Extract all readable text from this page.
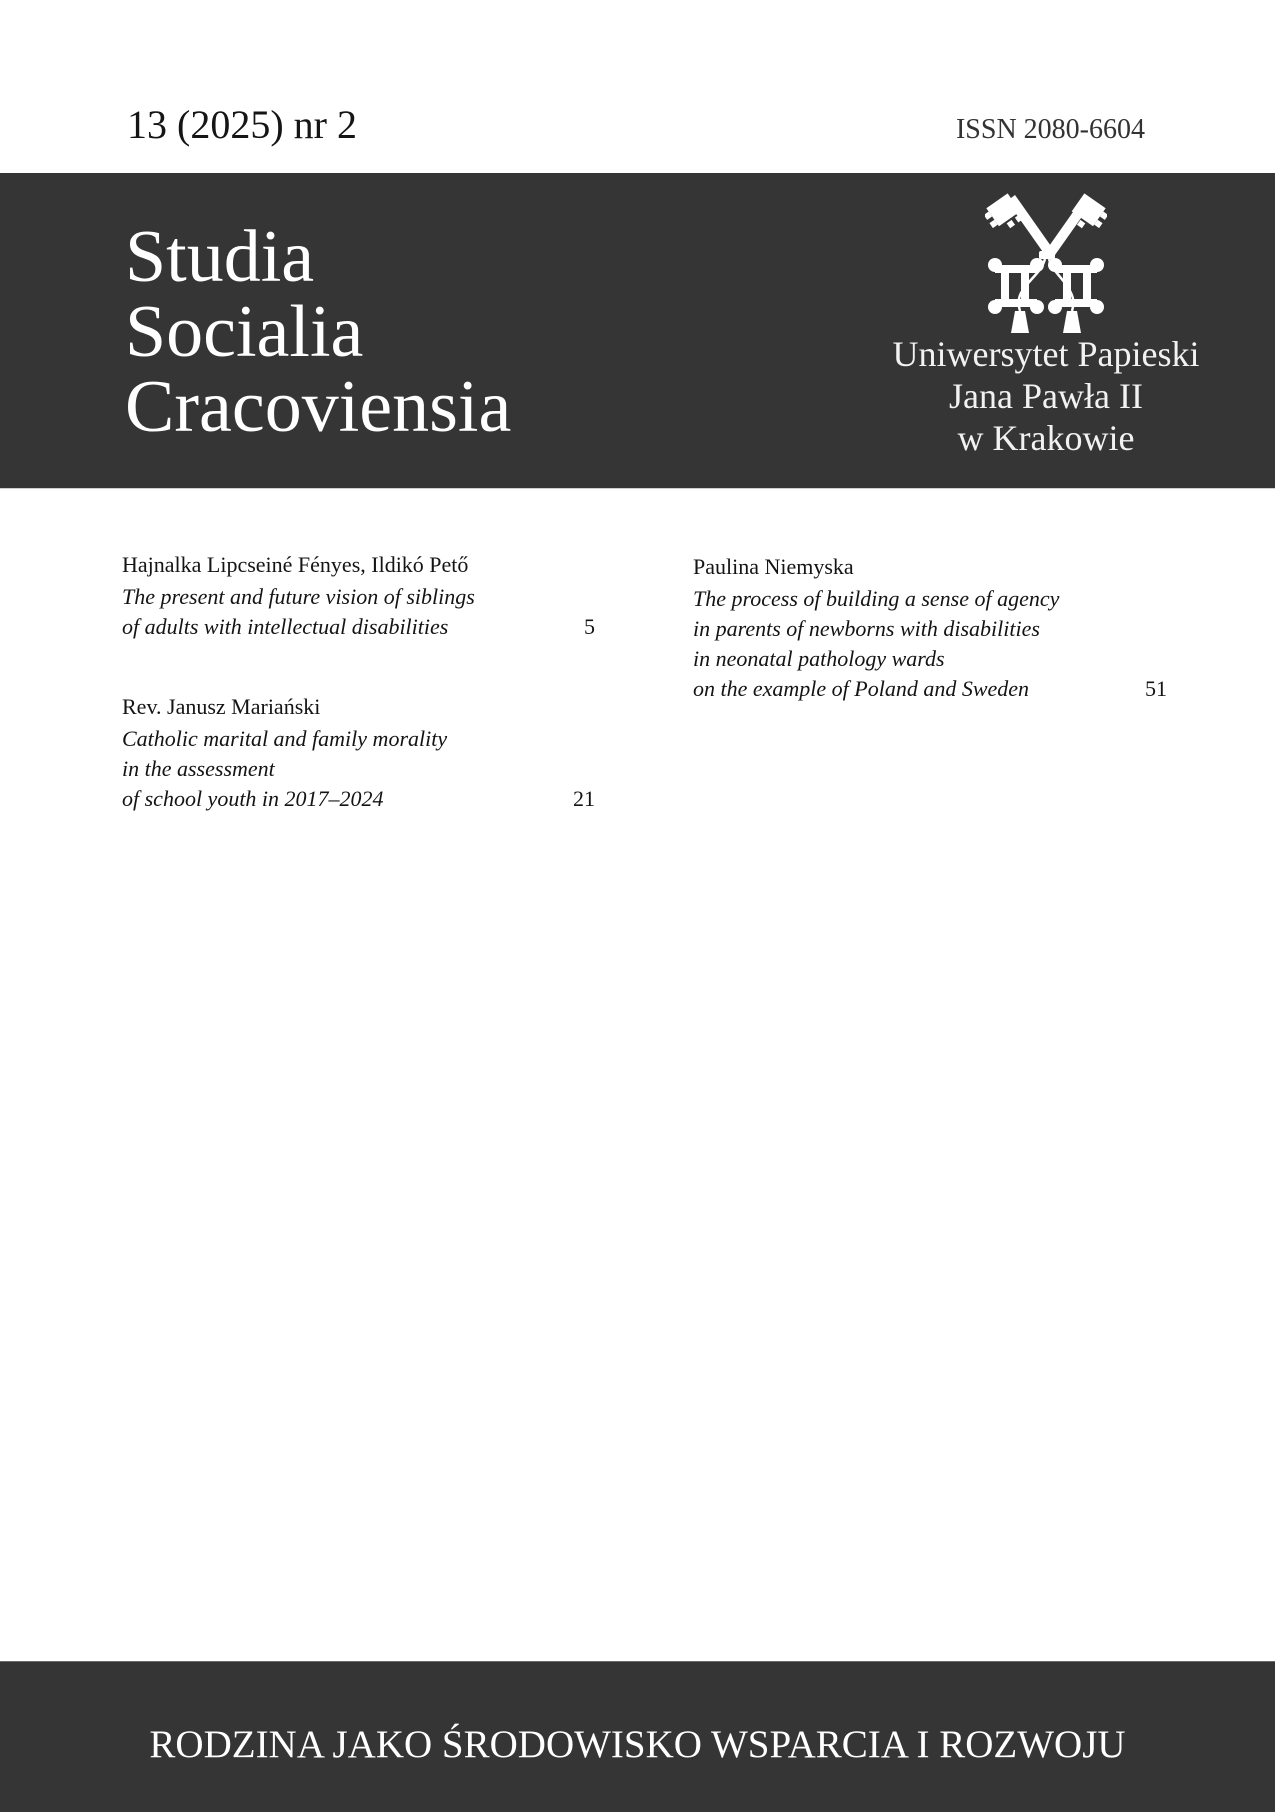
13 (2025) nr 2	ISSN 2080-6604
Studia
Socialia
Cracoviensia
Uniwersytet Papieski
Jana Pawła II
w Krakowie
Hajnalka Lipcseiné Fényes, Ildikó Pető
The present and future vision of siblings
of adults with intellectual disabilities	5
Rev. Janusz Mariański
Catholic marital and family morality
in the assessment
of school youth in 2017–2024	21
Paulina Niemyska
The process of building a sense of agency
in parents of newborns with disabilities
in neonatal pathology wards
on the example of Poland and Sweden	51
RODZINA JAKO ŚRODOWISKO WSPARCIA I ROZWOJU
